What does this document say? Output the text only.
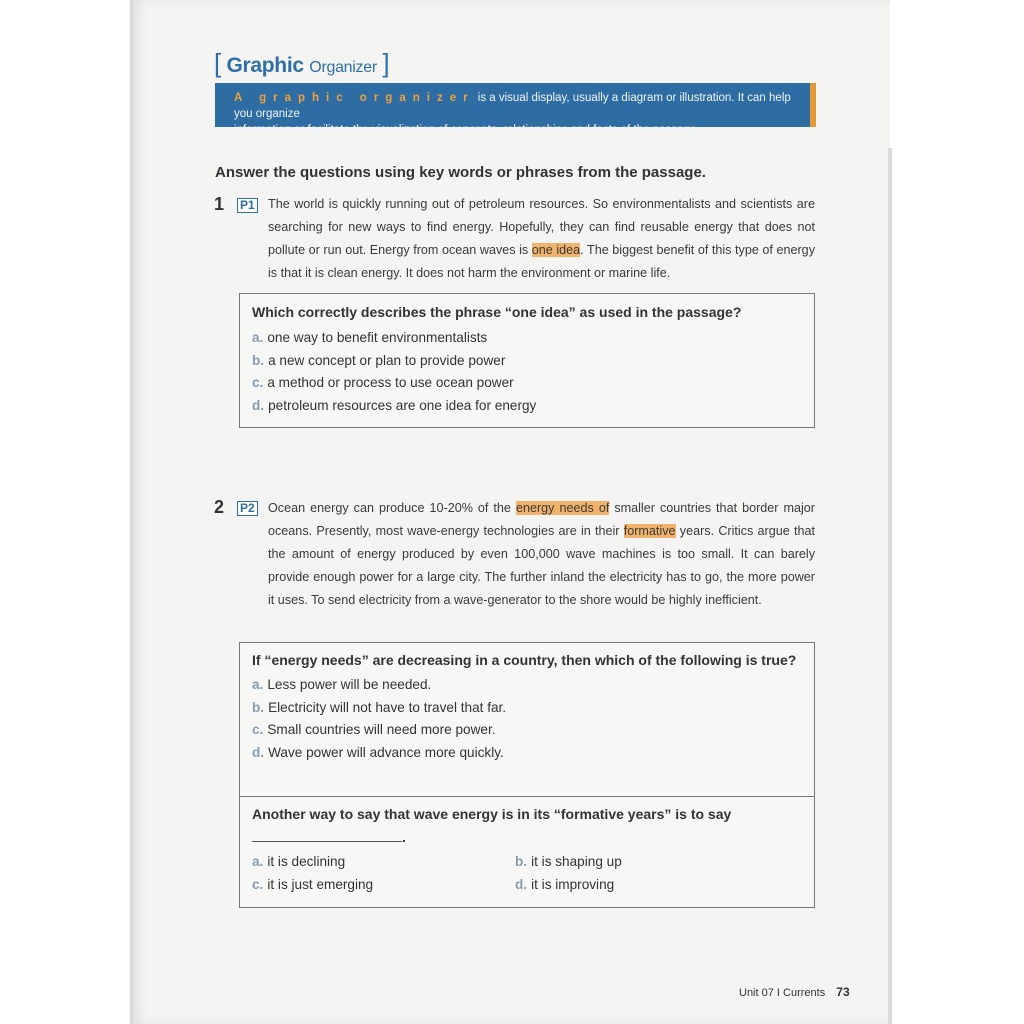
[ Graphic Organizer ]
A graphic organizer is a visual display, usually a diagram or illustration. It can help you organize
information or facilitate the visualization of concepts, relationships and facts of the passage.
Answer the questions using key words or phrases from the passage.
1 P1 The world is quickly running out of petroleum resources. So environmentalists and scientists are searching for new ways to find energy. Hopefully, they can find reusable energy that does not pollute or run out. Energy from ocean waves is one idea. The biggest benefit of this type of energy is that it is clean energy. It does not harm the environment or marine life.
Which correctly describes the phrase “one idea” as used in the passage?
a. one way to benefit environmentalists
b. a new concept or plan to provide power
c. a method or process to use ocean power
d. petroleum resources are one idea for energy
2 P2 Ocean energy can produce 10-20% of the energy needs of smaller countries that border major oceans. Presently, most wave-energy technologies are in their formative years. Critics argue that the amount of energy produced by even 100,000 wave machines is too small. It can barely provide enough power for a large city. The further inland the electricity has to go, the more power it uses. To send electricity from a wave-generator to the shore would be highly inefficient.
If “energy needs” are decreasing in a country, then which of the following is true?
a. Less power will be needed.
b. Electricity will not have to travel that far.
c. Small countries will need more power.
d. Wave power will advance more quickly.
Another way to say that wave energy is in its “formative years” is to say
.
a. it is declining	b. it is shaping up
c. it is just emerging	d. it is improving
Unit 07 I Currents 73
